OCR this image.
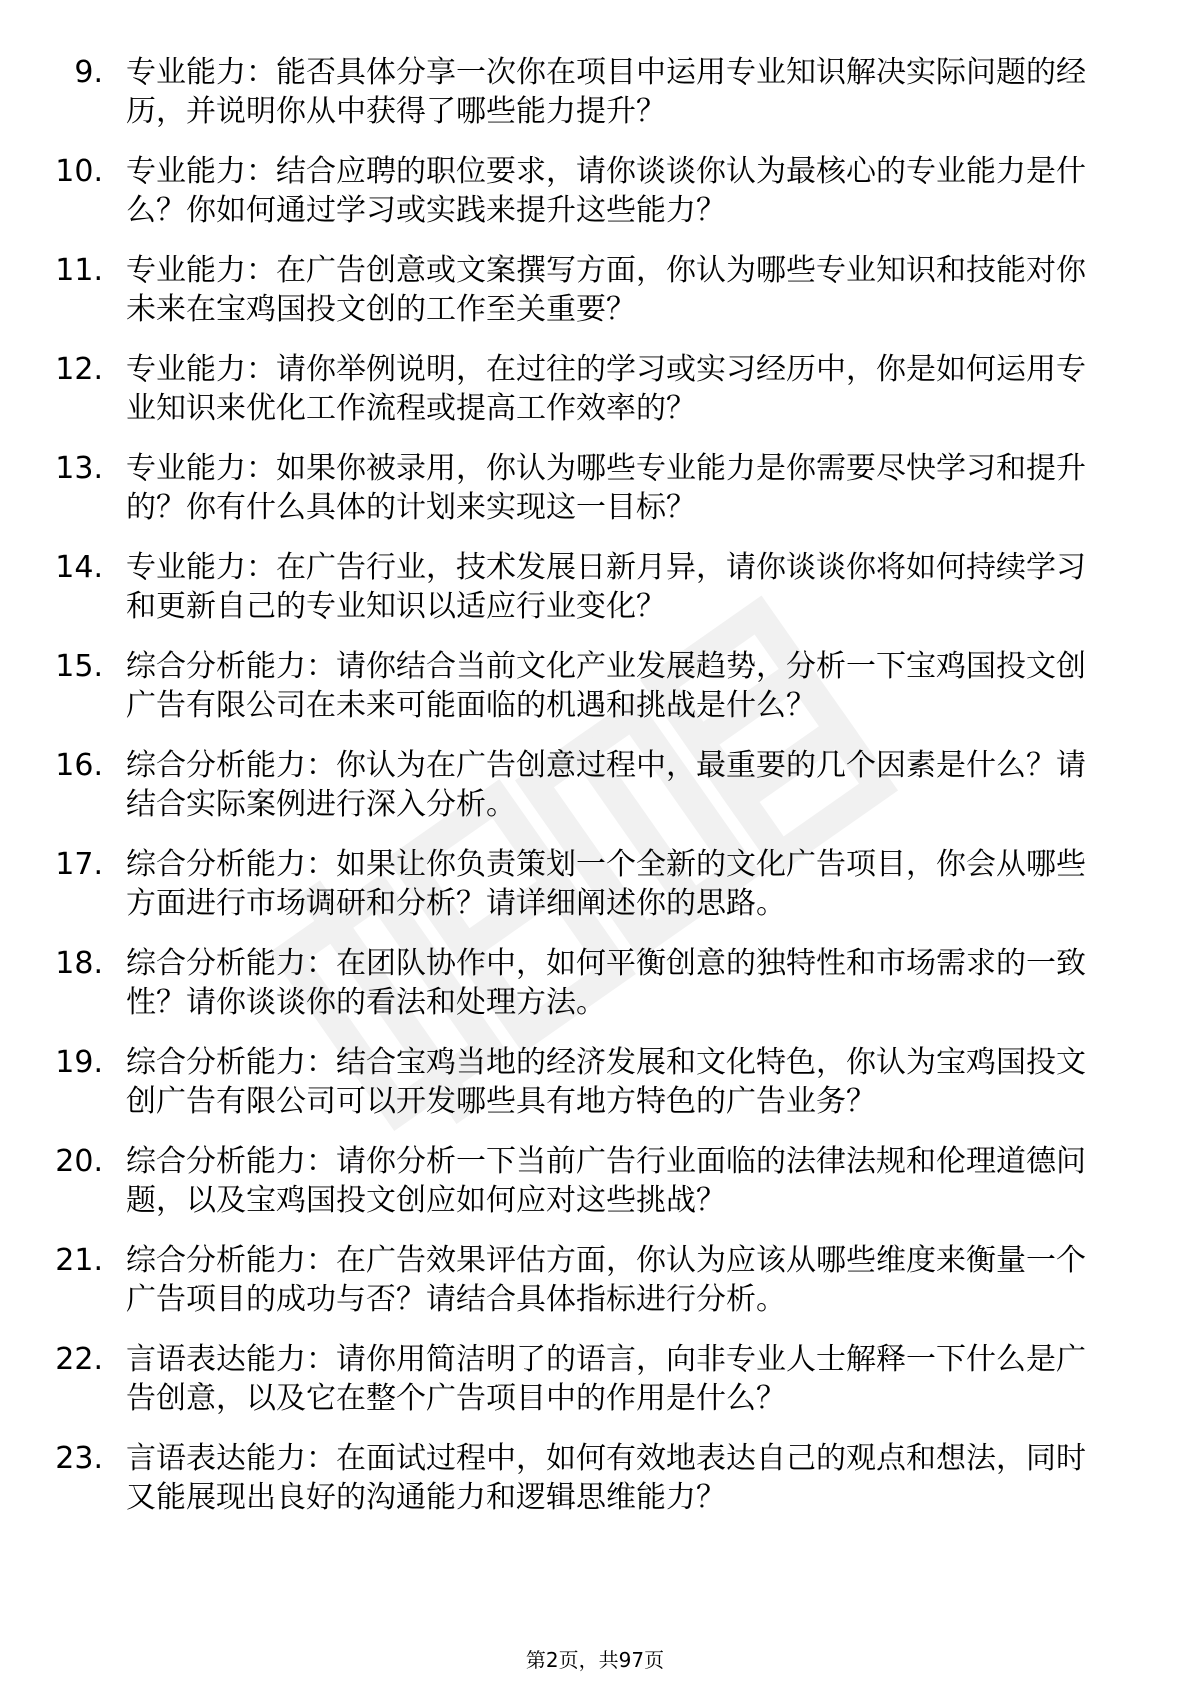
9. 专业能力：能否具体分享一次你在项目中运用专业知识解决实际问题的经历，并说明你从中获得了哪些能力提升？
10. 专业能力：结合应聘的职位要求，请你谈谈你认为最核心的专业能力是什么？你如何通过学习或实践来提升这些能力？
11. 专业能力：在广告创意或文案撰写方面，你认为哪些专业知识和技能对你未来在宝鸡国投文创的工作至关重要？
12. 专业能力：请你举例说明，在过往的学习或实习经历中，你是如何运用专业知识来优化工作流程或提高工作效率的？
13. 专业能力：如果你被录用，你认为哪些专业能力是你需要尽快学习和提升的？你有什么具体的计划来实现这一目标？
14. 专业能力：在广告行业，技术发展日新月异，请你谈谈你将如何持续学习和更新自己的专业知识以适应行业变化？
15. 综合分析能力：请你结合当前文化产业发展趋势，分析一下宝鸡国投文创广告有限公司在未来可能面临的机遇和挑战是什么？
16. 综合分析能力：你认为在广告创意过程中，最重要的几个因素是什么？请结合实际案例进行深入分析。
17. 综合分析能力：如果让你负责策划一个全新的文化广告项目，你会从哪些方面进行市场调研和分析？请详细阐述你的思路。
18. 综合分析能力：在团队协作中，如何平衡创意的独特性和市场需求的一致性？请你谈谈你的看法和处理方法。
19. 综合分析能力：结合宝鸡当地的经济发展和文化特色，你认为宝鸡国投文创广告有限公司可以开发哪些具有地方特色的广告业务？
20. 综合分析能力：请你分析一下当前广告行业面临的法律法规和伦理道德问题，以及宝鸡国投文创应如何应对这些挑战？
21. 综合分析能力：在广告效果评估方面，你认为应该从哪些维度来衡量一个广告项目的成功与否？请结合具体指标进行分析。
22. 言语表达能力：请你用简洁明了的语言，向非专业人士解释一下什么是广告创意，以及它在整个广告项目中的作用是什么？
23. 言语表达能力：在面试过程中，如何有效地表达自己的观点和想法，同时又能展现出良好的沟通能力和逻辑思维能力？
第2页，共97页
